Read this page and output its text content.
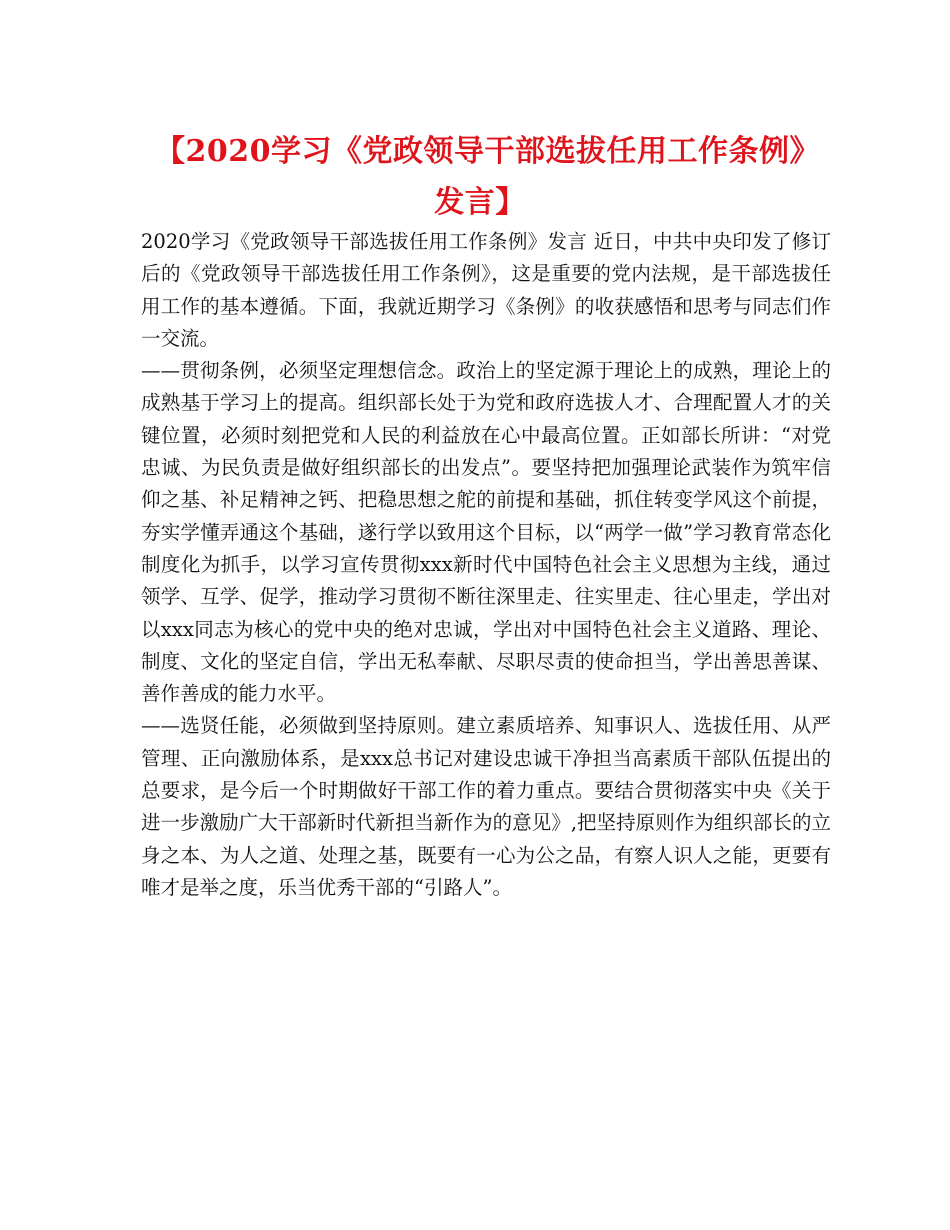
【2020学习《党政领导干部选拔任用工作条例》发言】

2020学习《党政领导干部选拔任用工作条例》发言 近日，中共中央印发了修订后的《党政领导干部选拔任用工作条例》，这是重要的党内法规，是干部选拔任用工作的基本遵循。下面，我就近期学习《条例》的收获感悟和思考与同志们作一交流。

——贯彻条例，必须坚定理想信念。政治上的坚定源于理论上的成熟，理论上的成熟基于学习上的提高。组织部长处于为党和政府选拔人才、合理配置人才的关键位置，必须时刻把党和人民的利益放在心中最高位置。正如部长所讲：“对党忠诚、为民负责是做好组织部长的出发点”。要坚持把加强理论武装作为筑牢信仰之基、补足精神之钙、把稳思想之舵的前提和基础，抓住转变学风这个前提，夯实学懂弄通这个基础，遂行学以致用这个目标，以“两学一做”学习教育常态化制度化为抓手，以学习宣传贯彻xxx新时代中国特色社会主义思想为主线，通过领学、互学、促学，推动学习贯彻不断往深里走、往实里走、往心里走，学出对以xxx同志为核心的党中央的绝对忠诚，学出对中国特色社会主义道路、理论、制度、文化的坚定自信，学出无私奉献、尽职尽责的使命担当，学出善思善谋、善作善成的能力水平。

——选贤任能，必须做到坚持原则。建立素质培养、知事识人、选拔任用、从严管理、正向激励体系，是xxx总书记对建设忠诚干净担当高素质干部队伍提出的总要求，是今后一个时期做好干部工作的着力重点。要结合贯彻落实中央《关于进一步激励广大干部新时代新担当新作为的意见》,把坚持原则作为组织部长的立身之本、为人之道、处理之基，既要有一心为公之品，有察人识人之能，更要有唯才是举之度，乐当优秀干部的“引路人”。
